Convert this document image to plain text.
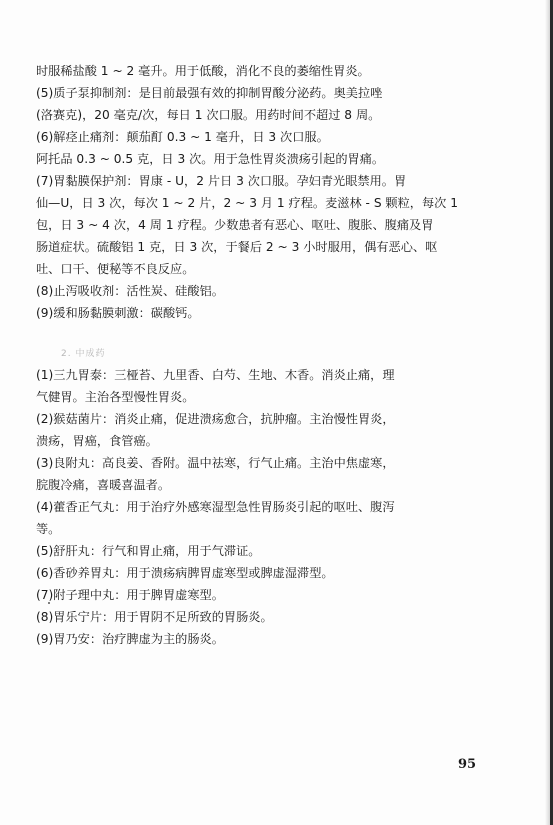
时服稀盐酸 1 ~ 2 毫升。用于低酸，消化不良的萎缩性胃炎。
(5)质子泵抑制剂：是目前最强有效的抑制胃酸分泌药。奥美拉唑
(洛赛克)，20 毫克/次，每日 1 次口服。用药时间不超过 8 周。
(6)解痉止痛剂：颠茄酊 0.3 ~ 1 毫升，日 3 次口服。
阿托品 0.3 ~ 0.5 克，日 3 次。用于急性胃炎溃疡引起的胃痛。
(7)胃黏膜保护剂：胃康 - U，2 片日 3 次口服。孕妇青光眼禁用。胃
仙—U，日 3 次，每次 1 ~ 2 片，2 ~ 3 月 1 疗程。麦滋林 - S 颗粒，每次 1
包，日 3 ~ 4 次，4 周 1 疗程。少数患者有恶心、呕吐、腹胀、腹痛及胃
肠道症状。硫酸铝 1 克，日 3 次，于餐后 2 ~ 3 小时服用，偶有恶心、呕
吐、口干、便秘等不良反应。
(8)止泻吸收剂：活性炭、硅酸铝。
(9)缓和肠黏膜刺激：碳酸钙。
2. 中成药
(1)三九胃泰：三桠苔、九里香、白芍、生地、木香。消炎止痛，理
气健胃。主治各型慢性胃炎。
(2)猴菇菌片：消炎止痛，促进溃疡愈合，抗肿瘤。主治慢性胃炎，
溃疡，胃癌，食管癌。
(3)良附丸：高良姜、香附。温中祛寒，行气止痛。主治中焦虚寒，
脘腹冷痛，喜暖喜温者。
(4)藿香正气丸：用于治疗外感寒湿型急性胃肠炎引起的呕吐、腹泻
等。
(5)舒肝丸：行气和胃止痛，用于气滞证。
(6)香砂养胃丸：用于溃疡病脾胃虚寒型或脾虚湿滞型。
(7)附子理中丸：用于脾胃虚寒型。
(8)胃乐宁片：用于胃阴不足所致的胃肠炎。
(9)胃乃安：治疗脾虚为主的肠炎。
95
